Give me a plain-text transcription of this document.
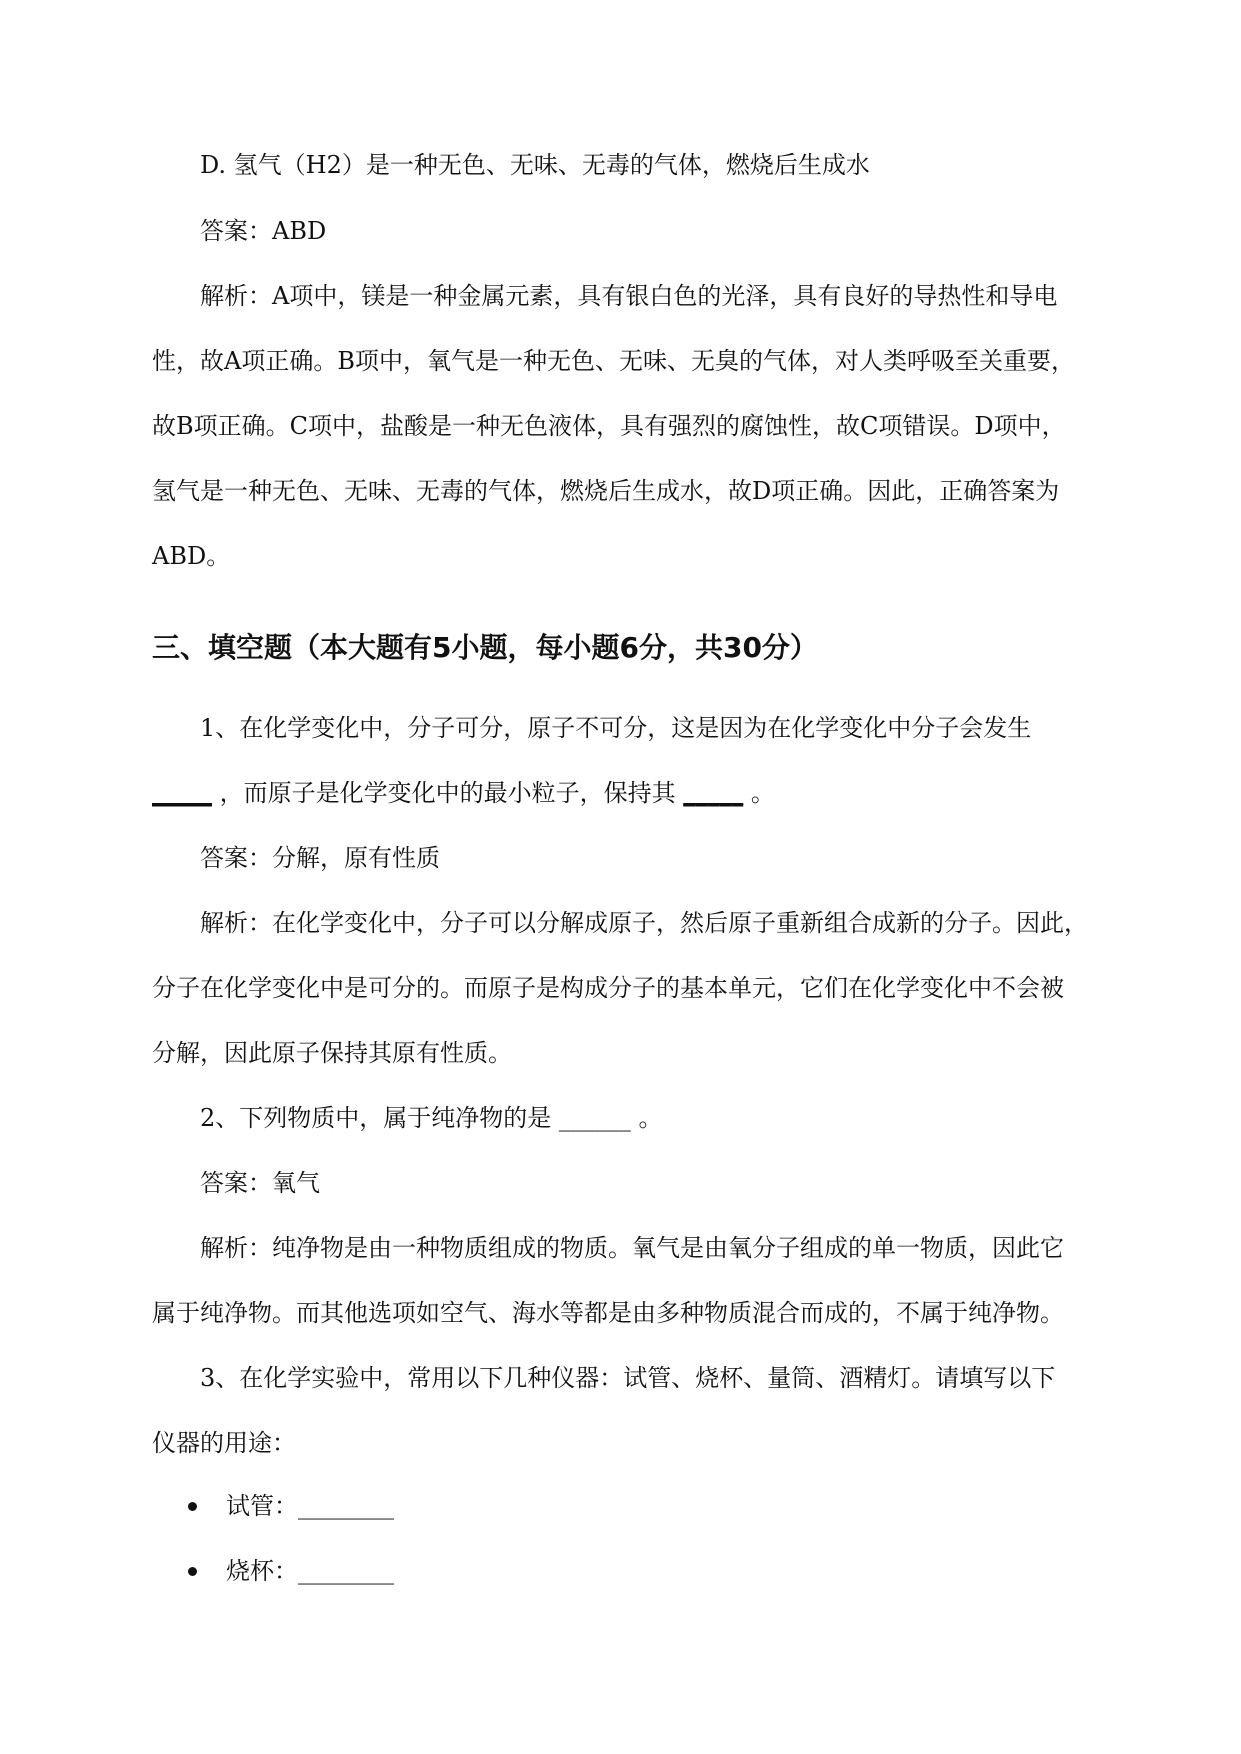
D. 氢气（H2）是一种无色、无味、无毒的气体，燃烧后生成水
答案：ABD
解析：A项中，镁是一种金属元素，具有银白色的光泽，具有良好的导热性和导电
性，故A项正确。B项中，氧气是一种无色、无味、无臭的气体，对人类呼吸至关重要，
故B项正确。C项中，盐酸是一种无色液体，具有强烈的腐蚀性，故C项错误。D项中，
氢气是一种无色、无味、无毒的气体，燃烧后生成水，故D项正确。因此，正确答案为
ABD。
三、填空题（本大题有5小题，每小题6分，共30分）
1、在化学变化中，分子可分，原子不可分，这是因为在化学变化中分子会发生
_____ ，而原子是化学变化中的最小粒子，保持其 _____ 。
答案：分解，原有性质
解析：在化学变化中，分子可以分解成原子，然后原子重新组合成新的分子。因此，
分子在化学变化中是可分的。而原子是构成分子的基本单元，它们在化学变化中不会被
分解，因此原子保持其原有性质。
2、下列物质中，属于纯净物的是 ______ 。
答案：氧气
解析：纯净物是由一种物质组成的物质。氧气是由氧分子组成的单一物质，因此它
属于纯净物。而其他选项如空气、海水等都是由多种物质混合而成的，不属于纯净物。
3、在化学实验中，常用以下几种仪器：试管、烧杯、量筒、酒精灯。请填写以下
仪器的用途：
试管：________
烧杯：________
